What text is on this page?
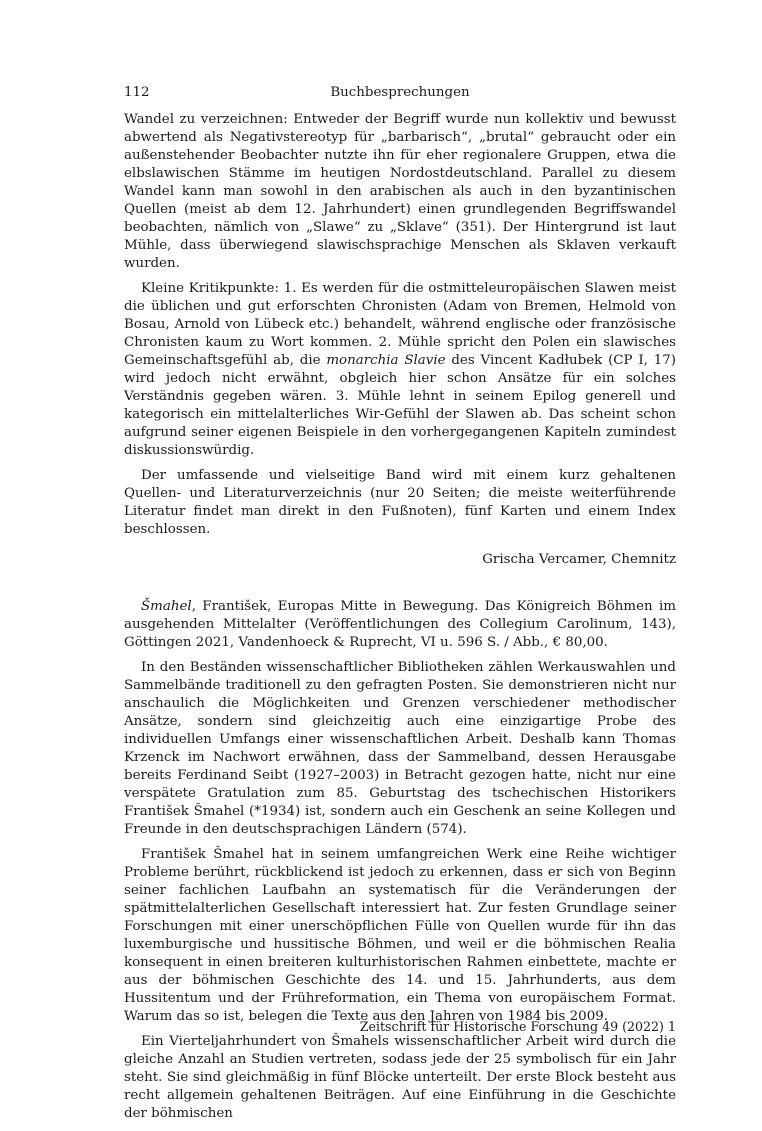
112	Buchbesprechungen

Wandel zu verzeichnen: Entweder der Begriff wurde nun kollektiv und bewusst abwertend als Negativstereotyp für „barbarisch“, „brutal“ gebraucht oder ein außenstehender Beobachter nutzte ihn für eher regionalere Gruppen, etwa die elbslawischen Stämme im heutigen Nordostdeutschland. Parallel zu diesem Wandel kann man sowohl in den arabischen als auch in den byzantinischen Quellen (meist ab dem 12. Jahrhundert) einen grundlegenden Begriffswandel beobachten, nämlich von „Slawe“ zu „Sklave“ (351). Der Hintergrund ist laut Mühle, dass überwiegend slawischsprachige Menschen als Sklaven verkauft wurden.

Kleine Kritikpunkte: 1. Es werden für die ostmitteleuropäischen Slawen meist die üblichen und gut erforschten Chronisten (Adam von Bremen, Helmold von Bosau, Arnold von Lübeck etc.) behandelt, während englische oder französische Chronisten kaum zu Wort kommen. 2. Mühle spricht den Polen ein slawisches Gemeinschaftsgefühl ab, die monarchia Slavie des Vincent Kadłubek (CP I, 17) wird jedoch nicht erwähnt, obgleich hier schon Ansätze für ein solches Verständnis gegeben wären. 3. Mühle lehnt in seinem Epilog generell und kategorisch ein mittelalterliches Wir-Gefühl der Slawen ab. Das scheint schon aufgrund seiner eigenen Beispiele in den vorhergegangenen Kapiteln zumindest diskussionswürdig.

Der umfassende und vielseitige Band wird mit einem kurz gehaltenen Quellen- und Literaturverzeichnis (nur 20 Seiten; die meiste weiterführende Literatur findet man direkt in den Fußnoten), fünf Karten und einem Index beschlossen.

Grischa Vercamer, Chemnitz

Šmahel, František, Europas Mitte in Bewegung. Das Königreich Böhmen im ausgehenden Mittelalter (Veröffentlichungen des Collegium Carolinum, 143), Göttingen 2021, Vandenhoeck & Ruprecht, VI u. 596 S. / Abb., € 80,00.

In den Beständen wissenschaftlicher Bibliotheken zählen Werkauswahlen und Sammelbände traditionell zu den gefragten Posten. Sie demonstrieren nicht nur anschaulich die Möglichkeiten und Grenzen verschiedener methodischer Ansätze, sondern sind gleichzeitig auch eine einzigartige Probe des individuellen Umfangs einer wissenschaftlichen Arbeit. Deshalb kann Thomas Krzenck im Nachwort erwähnen, dass der Sammelband, dessen Herausgabe bereits Ferdinand Seibt (1927–2003) in Betracht gezogen hatte, nicht nur eine verspätete Gratulation zum 85. Geburtstag des tschechischen Historikers František Šmahel (*1934) ist, sondern auch ein Geschenk an seine Kollegen und Freunde in den deutschsprachigen Ländern (574).

František Šmahel hat in seinem umfangreichen Werk eine Reihe wichtiger Probleme berührt, rückblickend ist jedoch zu erkennen, dass er sich von Beginn seiner fachlichen Laufbahn an systematisch für die Veränderungen der spätmittelalterlichen Gesellschaft interessiert hat. Zur festen Grundlage seiner Forschungen mit einer unerschöpflichen Fülle von Quellen wurde für ihn das luxemburgische und hussitische Böhmen, und weil er die böhmischen Realia konsequent in einen breiteren kulturhistorischen Rahmen einbettete, machte er aus der böhmischen Geschichte des 14. und 15. Jahrhunderts, aus dem Hussitentum und der Frühreformation, ein Thema von europäischem Format. Warum das so ist, belegen die Texte aus den Jahren von 1984 bis 2009.

Ein Vierteljahrhundert von Šmahels wissenschaftlicher Arbeit wird durch die gleiche Anzahl an Studien vertreten, sodass jede der 25 symbolisch für ein Jahr steht. Sie sind gleichmäßig in fünf Blöcke unterteilt. Der erste Block besteht aus recht allgemein gehaltenen Beiträgen. Auf eine Einführung in die Geschichte der böhmischen

Zeitschrift für Historische Forschung 49 (2022) 1
